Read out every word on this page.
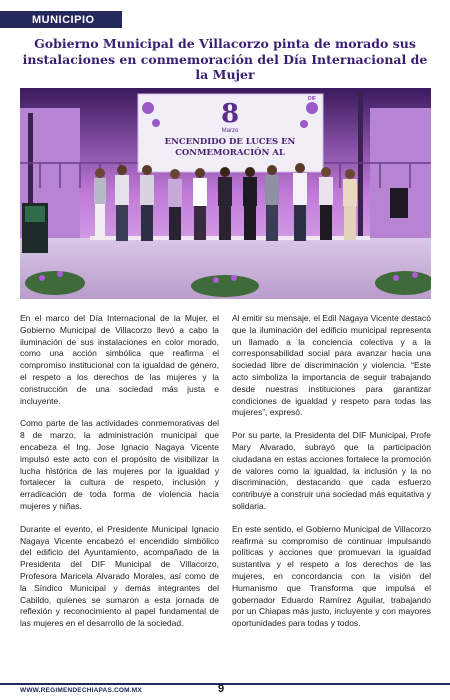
MUNICIPIO
Gobierno Municipal de Villacorzo pinta de morado sus instalaciones en conmemoración del Día Internacional de la Mujer
8
Marzo
ENCENDIDO DE LUCES EN
CONMEMORACIÓN AL
DIF

En el marco del Día Internacional de la Mujer, el Gobierno Municipal de Villacorzo llevó a cabo la iluminación de sus instalaciones en color morado, como una acción simbólica que reafirma el compromiso institucional con la igualdad de género, el respeto a los derechos de las mujeres y la construcción de una sociedad más justa e incluyente.

Como parte de las actividades conmemorativas del 8 de marzo, la administración municipal que encabeza el Ing. Jose Ignacio Nagaya Vicente impulsó este acto con el propósito de visibilizar la lucha histórica de las mujeres por la igualdad y fortalecer la cultura de respeto, inclusión y erradicación de toda forma de violencia hacia mujeres y niñas.

Durante el evento, el Presidente Municipal Ignacio Nagaya Vicente encabezó el encendido simbólico del edificio del Ayuntamiento, acompañado de la Presidenta del DIF Municipal de Villacorzo, Profesora Maricela Alvarado Morales, así como de la Síndico Municipal y demás integrantes del Cabildo, quienes se sumaron a esta jornada de reflexión y reconocimiento al papel fundamental de las mujeres en el desarrollo de la sociedad.

Al emitir su mensaje, el Edil Nagaya Vicente destacó que la iluminación del edificio municipal representa un llamado a la conciencia colectiva y a la corresponsabilidad social para avanzar hacia una sociedad libre de discriminación y violencia. “Este acto simboliza la importancia de seguir trabajando desde nuestras instituciones para garantizar condiciones de igualdad y respeto para todas las mujeres”, expresó.

Por su parte, la Presidenta del DIF Municipal, Profe Mary Alvarado, subrayó que la participación ciudadana en estas acciones fortalece la promoción de valores como la igualdad, la inclusión y la no discriminación, destacando que cada esfuerzo contribuye a construir una sociedad más equitativa y solidaria.

En este sentido, el Gobierno Municipal de Villacorzo reafirma su compromiso de continuar impulsando políticas y acciones que promuevan la igualdad sustantiva y el respeto a los derechos de las mujeres, en concordancia con la visión del Humanismo que Transforma que impulsa el gobernador Eduardo Ramírez Aguilar, trabajando por un Chiapas más justo, incluyente y con mayores oportunidades para todas y todos.

WWW.REGIMENDECHIAPAS.COM.MX	9
